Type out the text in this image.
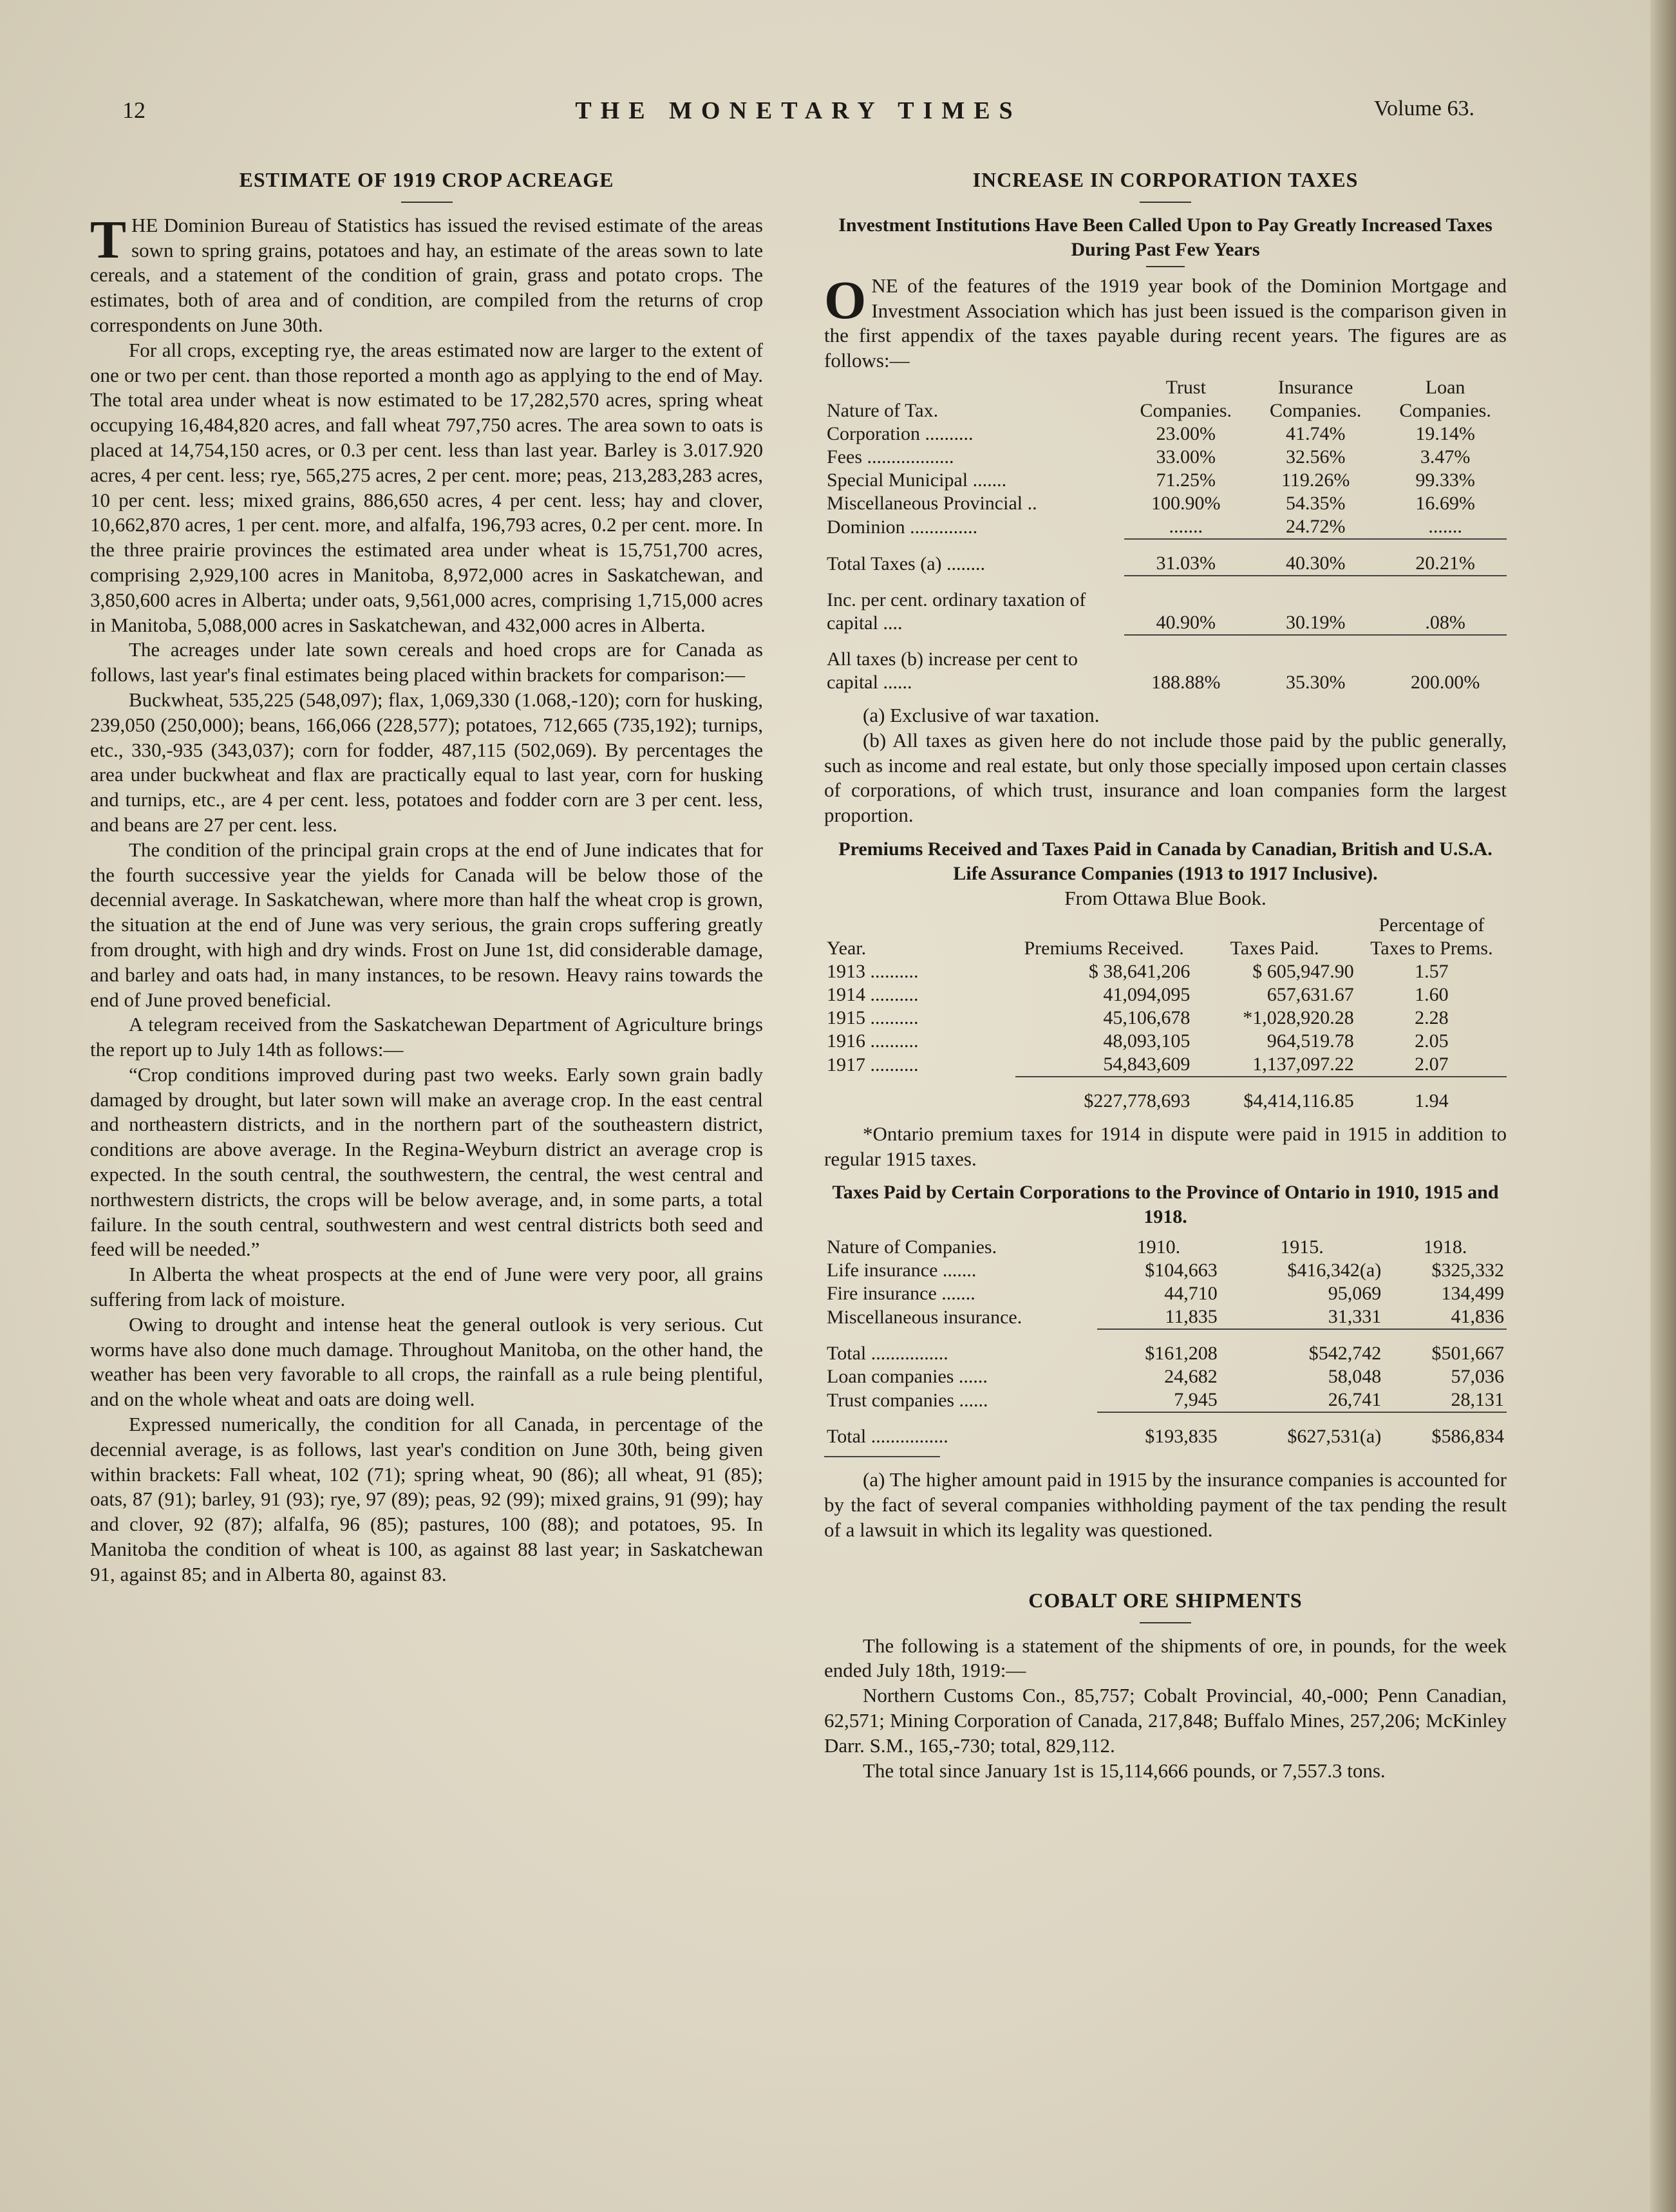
12	THE MONETARY TIMES	Volume 63.
ESTIMATE OF 1919 CROP ACREAGE

THE Dominion Bureau of Statistics has issued the revised estimate of the areas sown to spring grains, potatoes and hay, an estimate of the areas sown to late cereals, and a statement of the condition of grain, grass and potato crops. The estimates, both of area and of condition, are compiled from the returns of crop correspondents on June 30th.

For all crops, excepting rye, the areas estimated now are larger to the extent of one or two per cent. than those reported a month ago as applying to the end of May. The total area under wheat is now estimated to be 17,282,570 acres, spring wheat occupying 16,484,820 acres, and fall wheat 797,750 acres. The area sown to oats is placed at 14,754,150 acres, or 0.3 per cent. less than last year. Barley is 3.017.920 acres, 4 per cent. less; rye, 565,275 acres, 2 per cent. more; peas, 213,283,283 acres, 10 per cent. less; mixed grains, 886,650 acres, 4 per cent. less; hay and clover, 10,662,870 acres, 1 per cent. more, and alfalfa, 196,793 acres, 0.2 per cent. more. In the three prairie provinces the estimated area under wheat is 15,751,700 acres, comprising 2,929,100 acres in Manitoba, 8,972,000 acres in Saskatchewan, and 3,850,600 acres in Alberta; under oats, 9,561,000 acres, comprising 1,715,000 acres in Manitoba, 5,088,000 acres in Saskatchewan, and 432,000 acres in Alberta.

The acreages under late sown cereals and hoed crops are for Canada as follows, last year's final estimates being placed within brackets for comparison:—

Buckwheat, 535,225 (548,097); flax, 1,069,330 (1.068,-120); corn for husking, 239,050 (250,000); beans, 166,066 (228,577); potatoes, 712,665 (735,192); turnips, etc., 330,-935 (343,037); corn for fodder, 487,115 (502,069). By percentages the area under buckwheat and flax are practically equal to last year, corn for husking and turnips, etc., are 4 per cent. less, potatoes and fodder corn are 3 per cent. less, and beans are 27 per cent. less.

The condition of the principal grain crops at the end of June indicates that for the fourth successive year the yields for Canada will be below those of the decennial average. In Saskatchewan, where more than half the wheat crop is grown, the situation at the end of June was very serious, the grain crops suffering greatly from drought, with high and dry winds. Frost on June 1st, did considerable damage, and barley and oats had, in many instances, to be resown. Heavy rains towards the end of June proved beneficial.

A telegram received from the Saskatchewan Department of Agriculture brings the report up to July 14th as follows:—

“Crop conditions improved during past two weeks. Early sown grain badly damaged by drought, but later sown will make an average crop. In the east central and northeastern districts, and in the northern part of the southeastern district, conditions are above average. In the Regina-Weyburn district an average crop is expected. In the south central, the southwestern, the central, the west central and northwestern districts, the crops will be below average, and, in some parts, a total failure. In the south central, southwestern and west central districts both seed and feed will be needed.”

In Alberta the wheat prospects at the end of June were very poor, all grains suffering from lack of moisture.

Owing to drought and intense heat the general outlook is very serious. Cut worms have also done much damage. Throughout Manitoba, on the other hand, the weather has been very favorable to all crops, the rainfall as a rule being plentiful, and on the whole wheat and oats are doing well.

Expressed numerically, the condition for all Canada, in percentage of the decennial average, is as follows, last year's condition on June 30th, being given within brackets: Fall wheat, 102 (71); spring wheat, 90 (86); all wheat, 91 (85); oats, 87 (91); barley, 91 (93); rye, 97 (89); peas, 92 (99); mixed grains, 91 (99); hay and clover, 92 (87); alfalfa, 96 (85); pastures, 100 (88); and potatoes, 95. In Manitoba the condition of wheat is 100, as against 88 last year; in Saskatchewan 91, against 85; and in Alberta 80, against 83.

INCREASE IN CORPORATION TAXES
Investment Institutions Have Been Called Upon to Pay Greatly Increased Taxes During Past Few Years

ONE of the features of the 1919 year book of the Dominion Mortgage and Investment Association which has just been issued is the comparison given in the first appendix of the taxes payable during recent years. The figures are as follows:—

Nature of Tax.	Trust Companies.	Insurance Companies.	Loan Companies.
Corporation ..........	23.00%	41.74%	19.14%
Fees ..................	33.00%	32.56%	3.47%
Special Municipal .......	71.25%	119.26%	99.33%
Miscellaneous Provincial ..	100.90%	54.35%	16.69%
Dominion ..............	.......	24.72%	.......

Total Taxes (a) ........	31.03%	40.30%	20.21%

Inc. per cent. ordinary taxation of capital ....	40.90%	30.19%	.08%

All taxes (b) increase per cent to capital ......	188.88%	35.30%	200.00%

(a) Exclusive of war taxation.

(b) All taxes as given here do not include those paid by the public generally, such as income and real estate, but only those specially imposed upon certain classes of corporations, of which trust, insurance and loan companies form the largest proportion.

Premiums Received and Taxes Paid in Canada by Canadian, British and U.S.A. Life Assurance Companies (1913 to 1917 Inclusive).
From Ottawa Blue Book.
Year.	Premiums Received.	Taxes Paid.	Percentage of Taxes to Prems.
1913 ..........	$ 38,641,206	$ 605,947.90	1.57
1914 ..........	41,094,095	657,631.67	1.60
1915 ..........	45,106,678	*1,028,920.28	2.28
1916 ..........	48,093,105	964,519.78	2.05
1917 ..........	54,843,609	1,137,097.22	2.07

	$227,778,693	$4,414,116.85	1.94

*Ontario premium taxes for 1914 in dispute were paid in 1915 in addition to regular 1915 taxes.

Taxes Paid by Certain Corporations to the Province of Ontario in 1910, 1915 and 1918.
Nature of Companies.	1910.	1915.	1918.
Life insurance .......	$104,663	$416,342(a)	$325,332
Fire insurance .......	44,710	95,069	134,499
Miscellaneous insurance.	11,835	31,331	41,836

Total ................	$161,208	$542,742	$501,667
Loan companies ......	24,682	58,048	57,036
Trust companies ......	7,945	26,741	28,131

Total ................	$193,835	$627,531(a)	$586,834

(a) The higher amount paid in 1915 by the insurance companies is accounted for by the fact of several companies withholding payment of the tax pending the result of a lawsuit in which its legality was questioned.

COBALT ORE SHIPMENTS

The following is a statement of the shipments of ore, in pounds, for the week ended July 18th, 1919:—

Northern Customs Con., 85,757; Cobalt Provincial, 40,-000; Penn Canadian, 62,571; Mining Corporation of Canada, 217,848; Buffalo Mines, 257,206; McKinley Darr. S.M., 165,-730; total, 829,112.

The total since January 1st is 15,114,666 pounds, or 7,557.3 tons.
